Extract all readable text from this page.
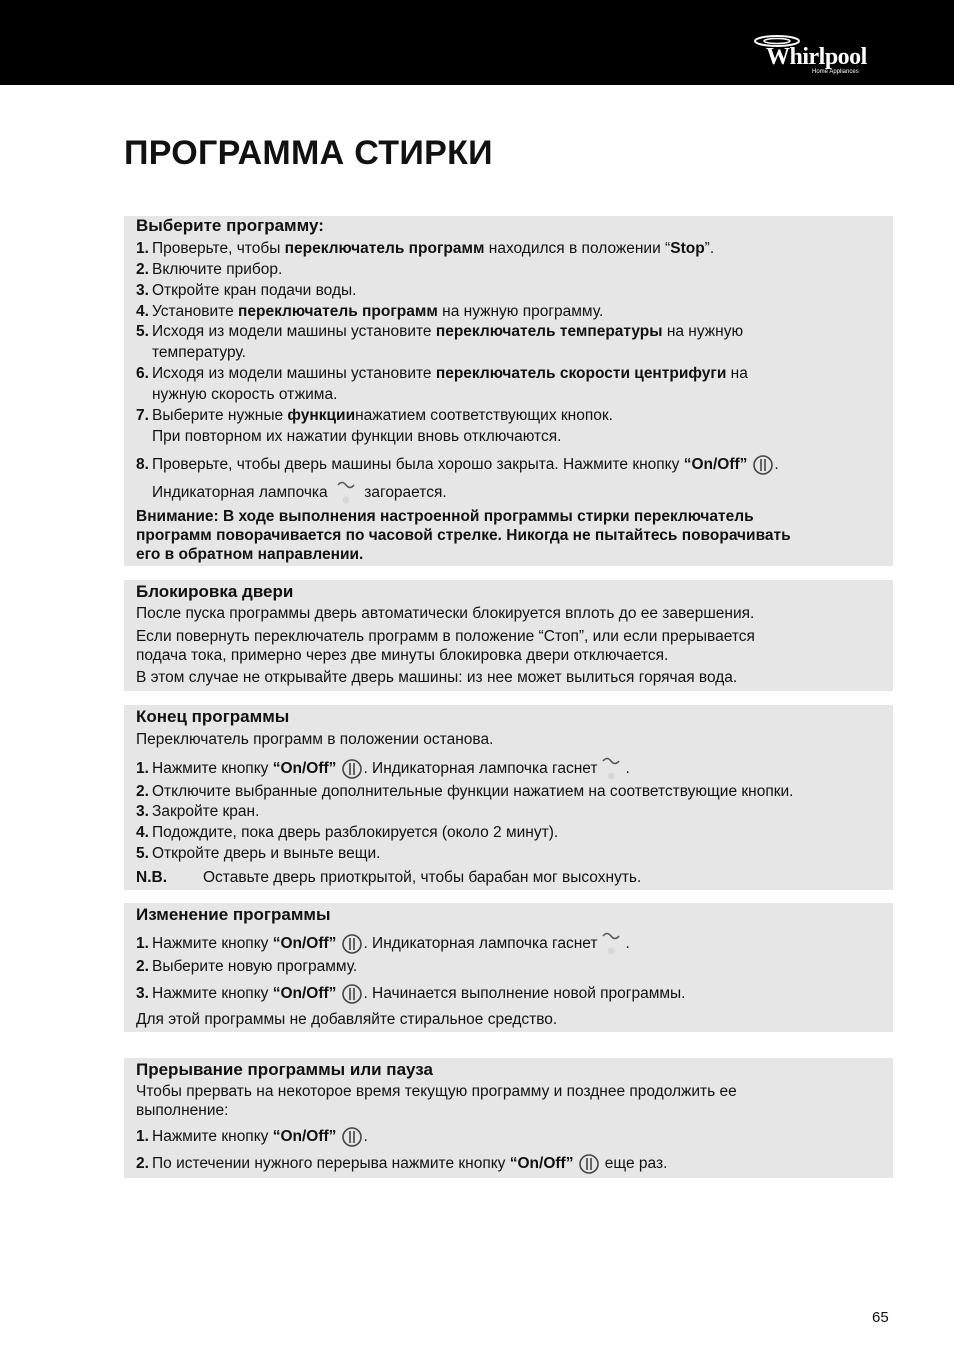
Whirlpool
Home Appliances
ПРОГРАММА СТИРКИ
Выберите программу:
1. Проверьте, чтобы переключатель программ находился в положении “Stop”.
2. Включите прибор.
3. Откройте кран подачи воды.
4. Установите переключатель программ на нужную программу.
5. Исходя из модели машины установите переключатель температуры на нужную
температуру.
6. Исходя из модели машины установите переключатель скорости центрифуги на
нужную скорость отжима.
7. Выберите нужные функциинажатием соответствующих кнопок.
При повторном их нажатии функции вновь отключаются.
8. Проверьте, чтобы дверь машины была хорошо закрыта. Нажмите кнопку “On/Off” .
Индикаторная лампочка  загорается.
Внимание: В ходе выполнения настроенной программы стирки переключатель
программ поворачивается по часовой стрелке. Никогда не пытайтесь поворачивать
его в обратном направлении.
Блокировка двери
После пуска программы дверь автоматически блокируется вплоть до ее завершения.
Если повернуть переключатель программ в положение “Стоп”, или если прерывается
подача тока, примерно через две минуты блокировка двери отключается.
В этом случае не открывайте дверь машины: из нее может вылиться горячая вода.
Конец программы
Переключатель программ в положении останова.
1. Нажмите кнопку “On/Off” . Индикаторная лампочка гаснет .
2. Отключите выбранные дополнительные функции нажатием на соответствующие кнопки.
3. Закройте кран.
4. Подождите, пока дверь разблокируется (около 2 минут).
5. Откройте дверь и выньте вещи.
N.B. Оставьте дверь приоткрытой, чтобы барабан мог высохнуть.
Изменение программы
1. Нажмите кнопку “On/Off” . Индикаторная лампочка гаснет .
2. Выберите новую программу.
3. Нажмите кнопку “On/Off” . Начинается выполнение новой программы.
Для этой программы не добавляйте стиральное средство.
Прерывание программы или пауза
Чтобы прервать на некоторое время текущую программу и позднее продолжить ее
выполнение:
1. Нажмите кнопку “On/Off” .
2. По истечении нужного перерыва нажмите кнопку “On/Off” еще раз.
65
